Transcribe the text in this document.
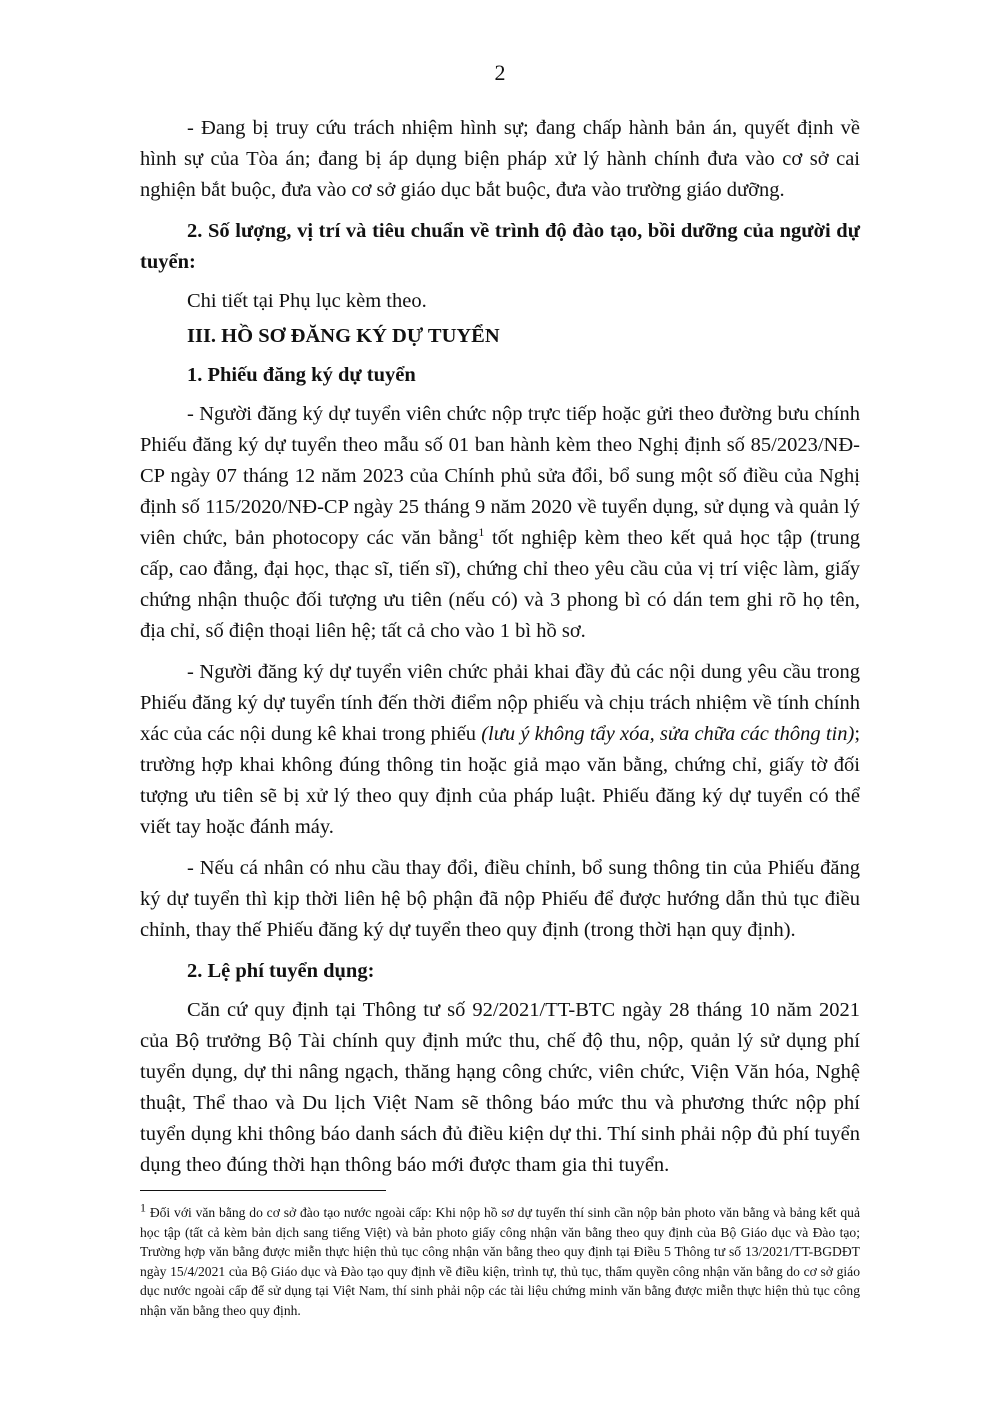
2

- Đang bị truy cứu trách nhiệm hình sự; đang chấp hành bản án, quyết định về hình sự của Tòa án; đang bị áp dụng biện pháp xử lý hành chính đưa vào cơ sở cai nghiện bắt buộc, đưa vào cơ sở giáo dục bắt buộc, đưa vào trường giáo dưỡng.

2. Số lượng, vị trí và tiêu chuẩn về trình độ đào tạo, bồi dưỡng của người dự tuyển:

Chi tiết tại Phụ lục kèm theo.

III. HỒ SƠ ĐĂNG KÝ DỰ TUYỂN
1. Phiếu đăng ký dự tuyển

- Người đăng ký dự tuyển viên chức nộp trực tiếp hoặc gửi theo đường bưu chính Phiếu đăng ký dự tuyển theo mẫu số 01 ban hành kèm theo Nghị định số 85/2023/NĐ-CP ngày 07 tháng 12 năm 2023 của Chính phủ sửa đổi, bổ sung một số điều của Nghị định số 115/2020/NĐ-CP ngày 25 tháng 9 năm 2020 về tuyển dụng, sử dụng và quản lý viên chức, bản photocopy các văn bằng$^1$ tốt nghiệp kèm theo kết quả học tập (trung cấp, cao đẳng, đại học, thạc sĩ, tiến sĩ), chứng chỉ theo yêu cầu của vị trí việc làm, giấy chứng nhận thuộc đối tượng ưu tiên (nếu có) và 3 phong bì có dán tem ghi rõ họ tên, địa chỉ, số điện thoại liên hệ; tất cả cho vào 1 bì hồ sơ.

- Người đăng ký dự tuyển viên chức phải khai đầy đủ các nội dung yêu cầu trong Phiếu đăng ký dự tuyển tính đến thời điểm nộp phiếu và chịu trách nhiệm về tính chính xác của các nội dung kê khai trong phiếu (lưu ý không tẩy xóa, sửa chữa các thông tin); trường hợp khai không đúng thông tin hoặc giả mạo văn bằng, chứng chỉ, giấy tờ đối tượng ưu tiên sẽ bị xử lý theo quy định của pháp luật. Phiếu đăng ký dự tuyển có thể viết tay hoặc đánh máy.

- Nếu cá nhân có nhu cầu thay đổi, điều chỉnh, bổ sung thông tin của Phiếu đăng ký dự tuyển thì kịp thời liên hệ bộ phận đã nộp Phiếu để được hướng dẫn thủ tục điều chỉnh, thay thế Phiếu đăng ký dự tuyển theo quy định (trong thời hạn quy định).

2. Lệ phí tuyển dụng:

Căn cứ quy định tại Thông tư số 92/2021/TT-BTC ngày 28 tháng 10 năm 2021 của Bộ trưởng Bộ Tài chính quy định mức thu, chế độ thu, nộp, quản lý sử dụng phí tuyển dụng, dự thi nâng ngạch, thăng hạng công chức, viên chức, Viện Văn hóa, Nghệ thuật, Thể thao và Du lịch Việt Nam sẽ thông báo mức thu và phương thức nộp phí tuyển dụng khi thông báo danh sách đủ điều kiện dự thi. Thí sinh phải nộp đủ phí tuyển dụng theo đúng thời hạn thông báo mới được tham gia thi tuyển.

$^1$ Đối với văn bằng do cơ sở đào tạo nước ngoài cấp: Khi nộp hồ sơ dự tuyển thí sinh cần nộp bản photo văn bằng và bảng kết quả học tập (tất cả kèm bản dịch sang tiếng Việt) và bản photo giấy công nhận văn bằng theo quy định của Bộ Giáo dục và Đào tạo; Trường hợp văn bằng được miễn thực hiện thủ tục công nhận văn bằng theo quy định tại Điều 5 Thông tư số 13/2021/TT-BGDĐT ngày 15/4/2021 của Bộ Giáo dục và Đào tạo quy định về điều kiện, trình tự, thủ tục, thẩm quyền công nhận văn bằng do cơ sở giáo dục nước ngoài cấp để sử dụng tại Việt Nam, thí sinh phải nộp các tài liệu chứng minh văn bằng được miễn thực hiện thủ tục công nhận văn bằng theo quy định.
